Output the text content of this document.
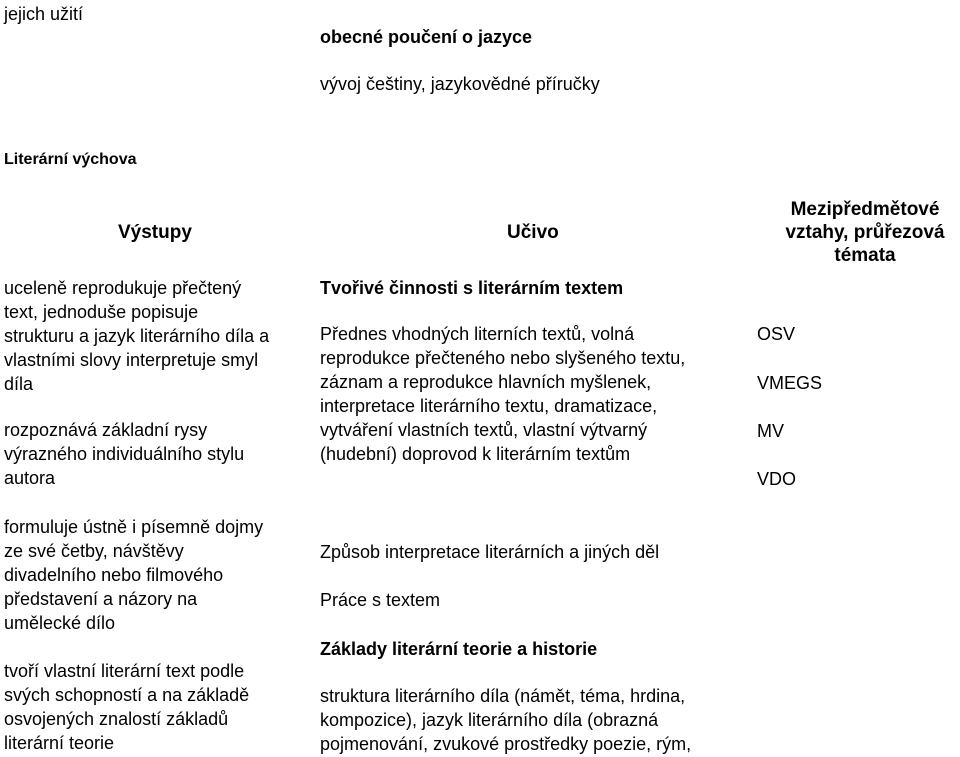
jejich užití
obecné poučení o jazyce
vývoj češtiny, jazykovědné příručky
Literární výchova
Výstupy	Učivo

Mezipředmětové

vztahy, průřezová

témata

uceleně reprodukuje přečtený

text, jednoduše popisuje

strukturu a jazyk literárního díla a

vlastními slovy interpretuje smyl

díla

rozpoznává základní rysy

výrazného individuálního stylu

autora

formuluje ústně i písemně dojmy

ze své četby, návštěvy

divadelního nebo filmového

představení a názory na

umělecké dílo

tvoří vlastní literární text podle

svých schopností a na základě

osvojených znalostí základů

literární teorie

Tvořivé činnosti s literárním textem

Přednes vhodných literních textů, volná

reprodukce přečteného nebo slyšeného textu,

záznam a reprodukce hlavních myšlenek,

interpretace literárního textu, dramatizace,

vytváření vlastních textů, vlastní výtvarný

(hudební) doprovod k literárním textům

Způsob interpretace literárních a jiných děl
Práce s textem
Základy literární teorie a historie

struktura literárního díla (námět, téma, hrdina,

kompozice), jazyk literárního díla (obrazná

pojmenování, zvukové prostředky poezie, rým,

OSV
VMEGS
MV
VDO
